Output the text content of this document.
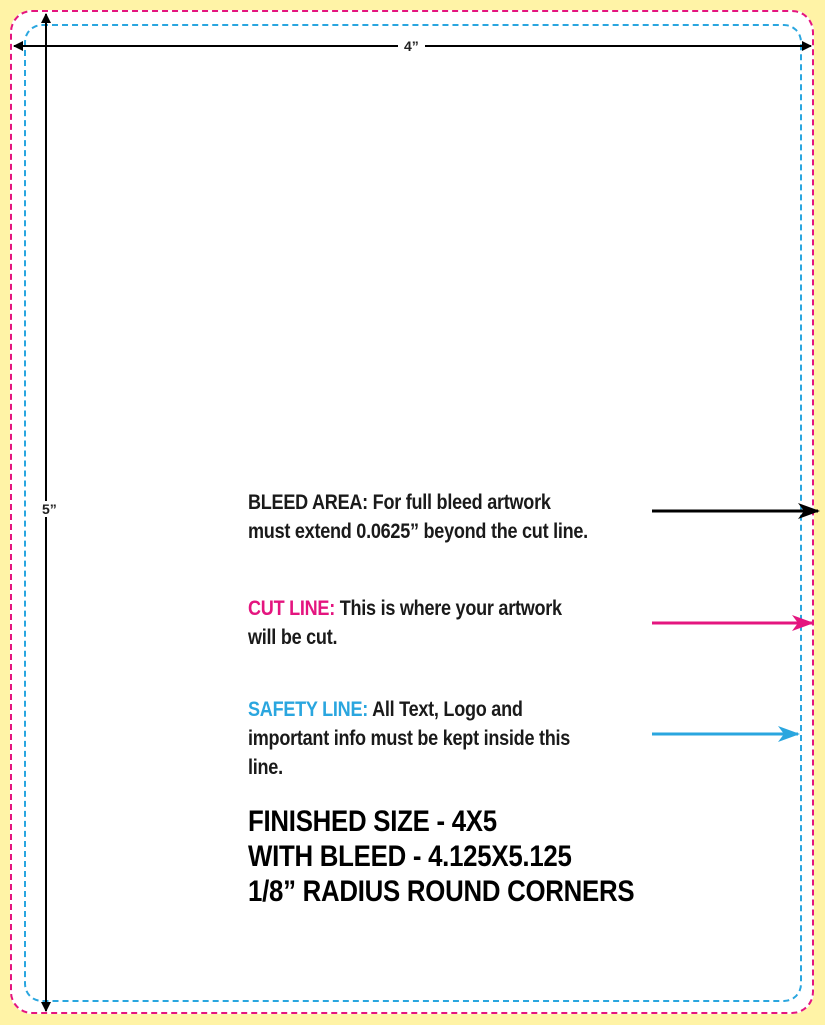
4”
5”	BLEED AREA: For full bleed artwork must extend 0.0625” beyond the cut line.
CUT LINE: This is where your artwork will be cut.
SAFETY LINE: All Text, Logo and important info must be kept inside this line.
FINISHED SIZE - 4X5
WITH BLEED - 4.125X5.125
1/8” RADIUS ROUND CORNERS
